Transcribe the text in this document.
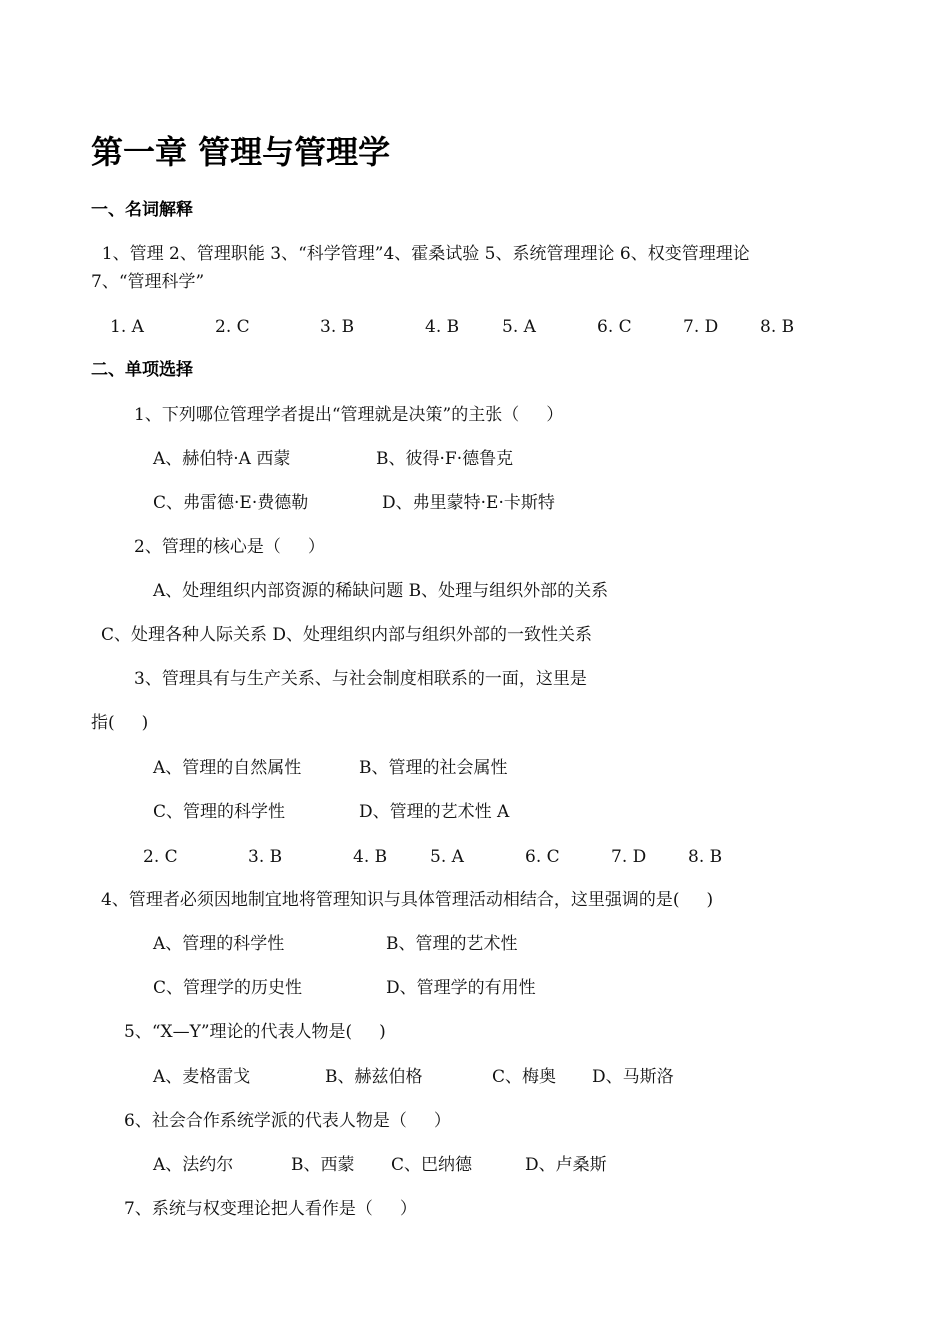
第一章 管理与管理学
一、名词解释
1、管理 2、管理职能 3、“科学管理”4、霍桑试验 5、系统管理理论 6、权变管理理论
7、“管理科学”
1. A	2. C	3. B	4. B	5. A	6. C	7. D 8. B
二、单项选择
1、下列哪位管理学者提出“管理就是决策”的主张（     ）
A、赫伯特·A 西蒙	B、彼得·F·德鲁克
C、弗雷德·E·费德勒	D、弗里蒙特·E·卡斯特
2、管理的核心是（     ）
A、处理组织内部资源的稀缺问题 B、处理与组织外部的关系
C、处理各种人际关系 D、处理组织内部与组织外部的一致性关系
3、管理具有与生产关系、与社会制度相联系的一面，这里是
指(     )
A、管理的自然属性	B、管理的社会属性
C、管理的科学性	D、管理的艺术性 A
2. C	3. B	4. B	5. A	6. C	7. D 8. B
4、管理者必须因地制宜地将管理知识与具体管理活动相结合，这里强调的是(     )
A、管理的科学性	B、管理的艺术性
C、管理学的历史性	D、管理学的有用性
5、“X—Y”理论的代表人物是(     )
A、麦格雷戈	B、赫兹伯格	C、梅奥 D、马斯洛
6、社会合作系统学派的代表人物是（     ）
A、法约尔	B、西蒙 C、巴纳德	D、卢桑斯
7、系统与权变理论把人看作是（     ）
